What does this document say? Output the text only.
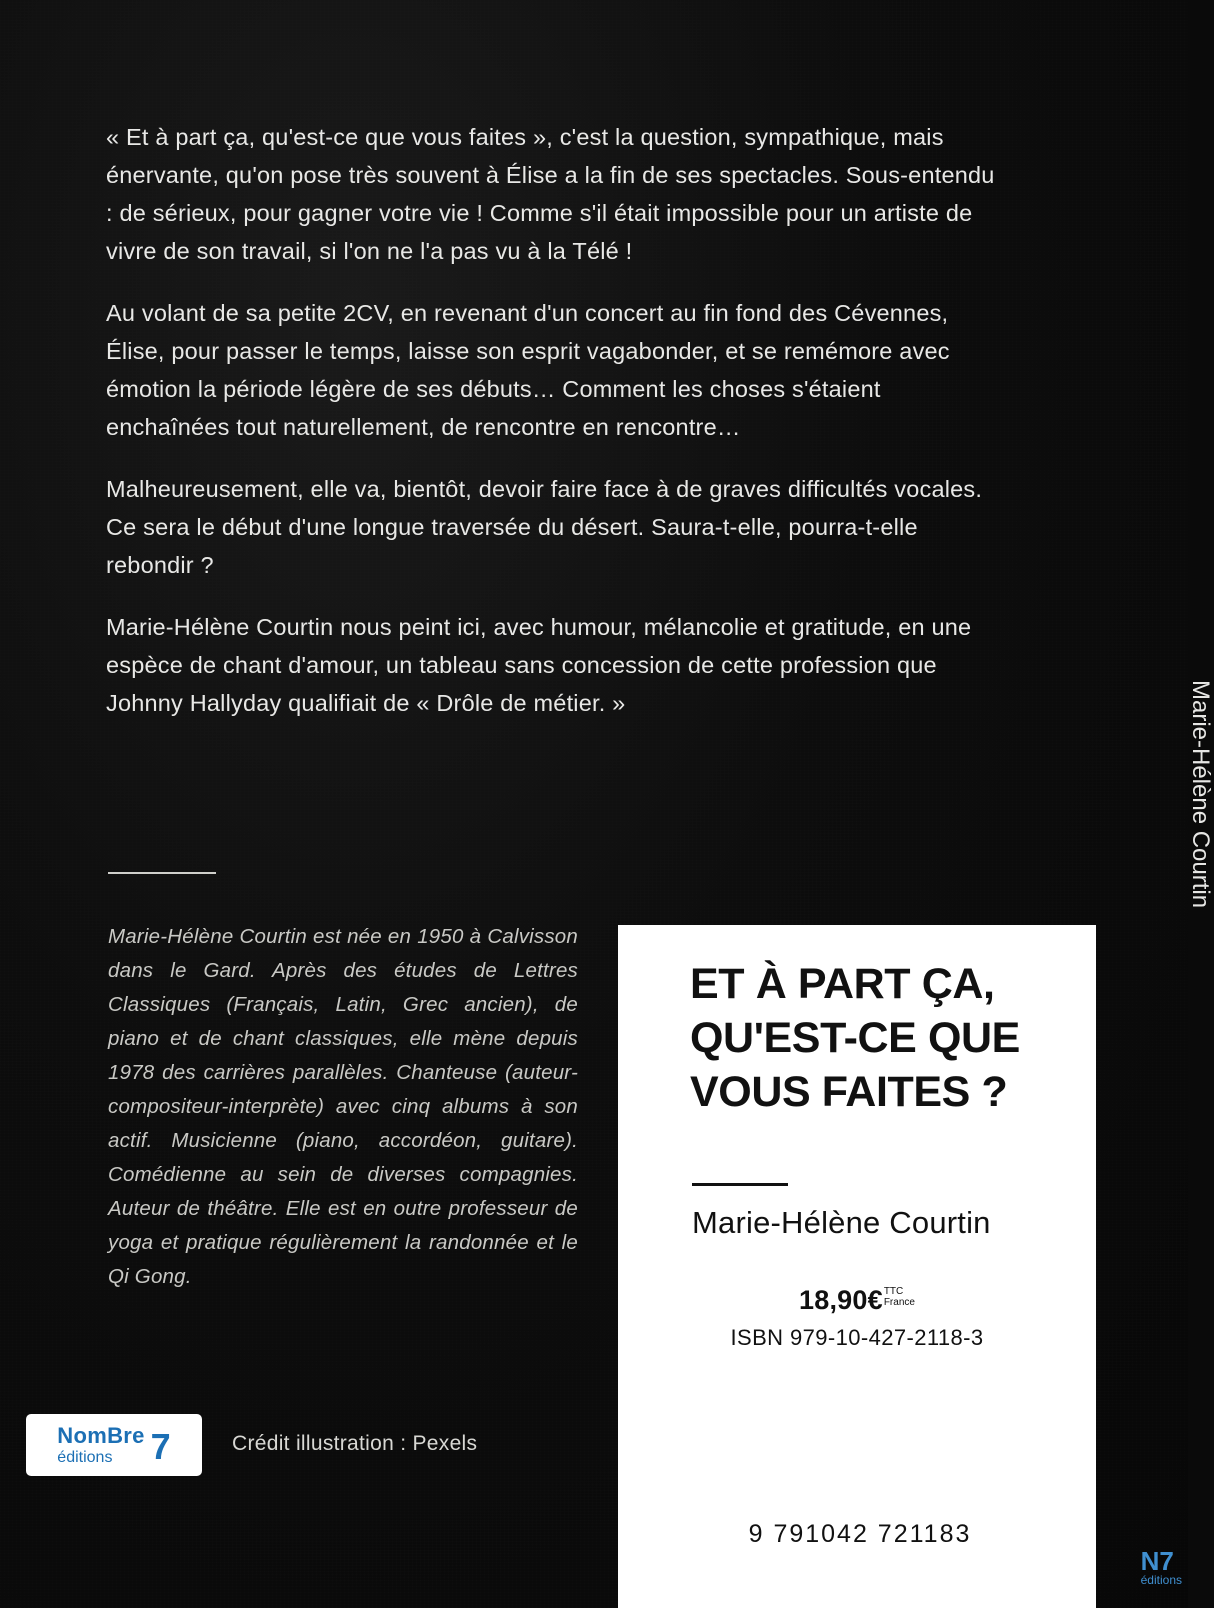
« Et à part ça, qu'est-ce que vous faites », c'est la question, sympathique, mais énervante, qu'on pose très souvent à Élise a la fin de ses spectacles. Sous-entendu : de sérieux, pour gagner votre vie ! Comme s'il était impossible pour un artiste de vivre de son travail, si l'on ne l'a pas vu à la Télé !

Au volant de sa petite 2CV, en revenant d'un concert au fin fond des Cévennes, Élise, pour passer le temps, laisse son esprit vagabonder, et se remémore avec émotion la période légère de ses débuts… Comment les choses s'étaient enchaînées tout naturellement, de rencontre en rencontre…

Malheureusement, elle va, bientôt, devoir faire face à de graves difficultés vocales. Ce sera le début d'une longue traversée du désert. Saura-t-elle, pourra-t-elle rebondir ?

Marie-Hélène Courtin nous peint ici, avec humour, mélancolie et gratitude, en une espèce de chant d'amour, un tableau sans concession de cette profession que Johnny Hallyday qualifiait de « Drôle de métier. »

Marie-Hélène Courtin est née en 1950 à Calvisson dans le Gard. Après des études de Lettres Classiques (Français, Latin, Grec ancien), de piano et de chant classiques, elle mène depuis 1978 des carrières parallèles. Chanteuse (auteur-compositeur-interprète) avec cinq albums à son actif. Musicienne (piano, accordéon, guitare). Comédienne au sein de diverses compagnies. Auteur de théâtre. Elle est en outre professeur de yoga et pratique régulièrement la randonnée et le Qi Gong.
NomBre
éditions	7	Crédit illustration : Pexels
Marie-Hélène Courtin
N7
éditions
ET À PART ÇA, QU'EST-CE QUE VOUS FAITES ?
Marie-Hélène Courtin
18,90€TTC
France
ISBN 979-10-427-2118-3
9 791042 721183
